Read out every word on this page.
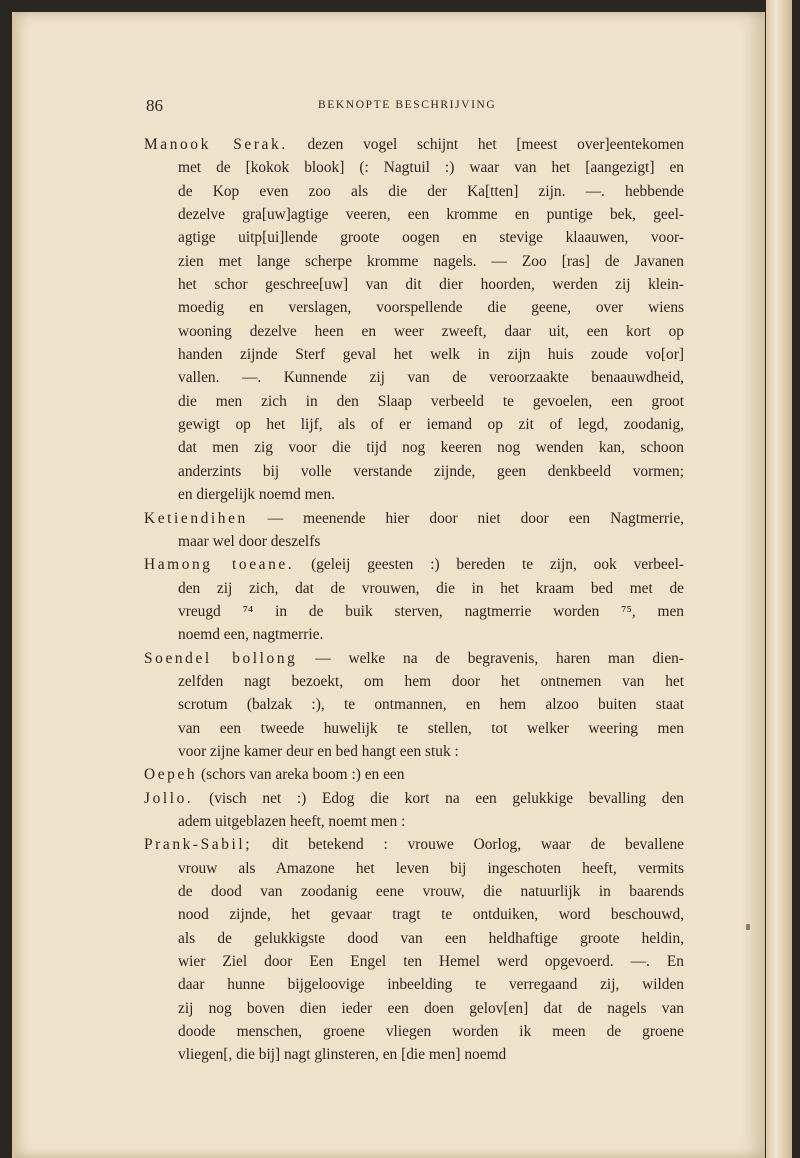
86	BEKNOPTE BESCHRIJVING
Manook Serak. dezen vogel schijnt het [meest over]eentekomen
met de [kokok blook] (: Nagtuil :) waar van het [aangezigt] en
de Kop even zoo als die der Ka[tten] zijn. —. hebbende
dezelve gra[uw]agtige veeren, een kromme en puntige bek, geel-
agtige uitp[ui]lende groote oogen en stevige klaauwen, voor-
zien met lange scherpe kromme nagels. — Zoo [ras] de Javanen
het schor geschree[uw] van dit dier hoorden, werden zij klein-
moedig en verslagen, voorspellende die geene, over wiens
wooning dezelve heen en weer zweeft, daar uit, een kort op
handen zijnde Sterf geval het welk in zijn huis zoude vo[or]
vallen. —. Kunnende zij van de veroorzaakte benaauwdheid,
die men zich in den Slaap verbeeld te gevoelen, een groot
gewigt op het lijf, als of er iemand op zit of legd, zoodanig,
dat men zig voor die tijd nog keeren nog wenden kan, schoon
anderzints bij volle verstande zijnde, geen denkbeeld vormen;
en diergelijk noemd men.
Ketiendihen — meenende hier door niet door een Nagtmerrie,
maar wel door deszelfs
Hamong toeane. (geleij geesten :) bereden te zijn, ook verbeel-
den zij zich, dat de vrouwen, die in het kraam bed met de
vreugd ⁷⁴ in de buik sterven, nagtmerrie worden ⁷⁵, men
noemd een, nagtmerrie.
Soendel bollong — welke na de begravenis, haren man dien-
zelfden nagt bezoekt, om hem door het ontnemen van het
scrotum (balzak :), te ontmannen, en hem alzoo buiten staat
van een tweede huwelijk te stellen, tot welker weering men
voor zijne kamer deur en bed hangt een stuk :
Oepeh (schors van areka boom :) en een
Jollo. (visch net :) Edog die kort na een gelukkige bevalling den
adem uitgeblazen heeft, noemt men :
Prank-Sabil; dit betekend : vrouwe Oorlog, waar de bevallene
vrouw als Amazone het leven bij ingeschoten heeft, vermits
de dood van zoodanig eene vrouw, die natuurlijk in baarends
nood zijnde, het gevaar tragt te ontduiken, word beschouwd,
als de gelukkigste dood van een heldhaftige groote heldin,
wier Ziel door Een Engel ten Hemel werd opgevoerd. —. En
daar hunne bijgeloovige inbeelding te verregaand zij, wilden
zij nog boven dien ieder een doen gelov[en] dat de nagels van
doode menschen, groene vliegen worden ik meen de groene
vliegen[, die bij] nagt glinsteren, en [die men] noemd
